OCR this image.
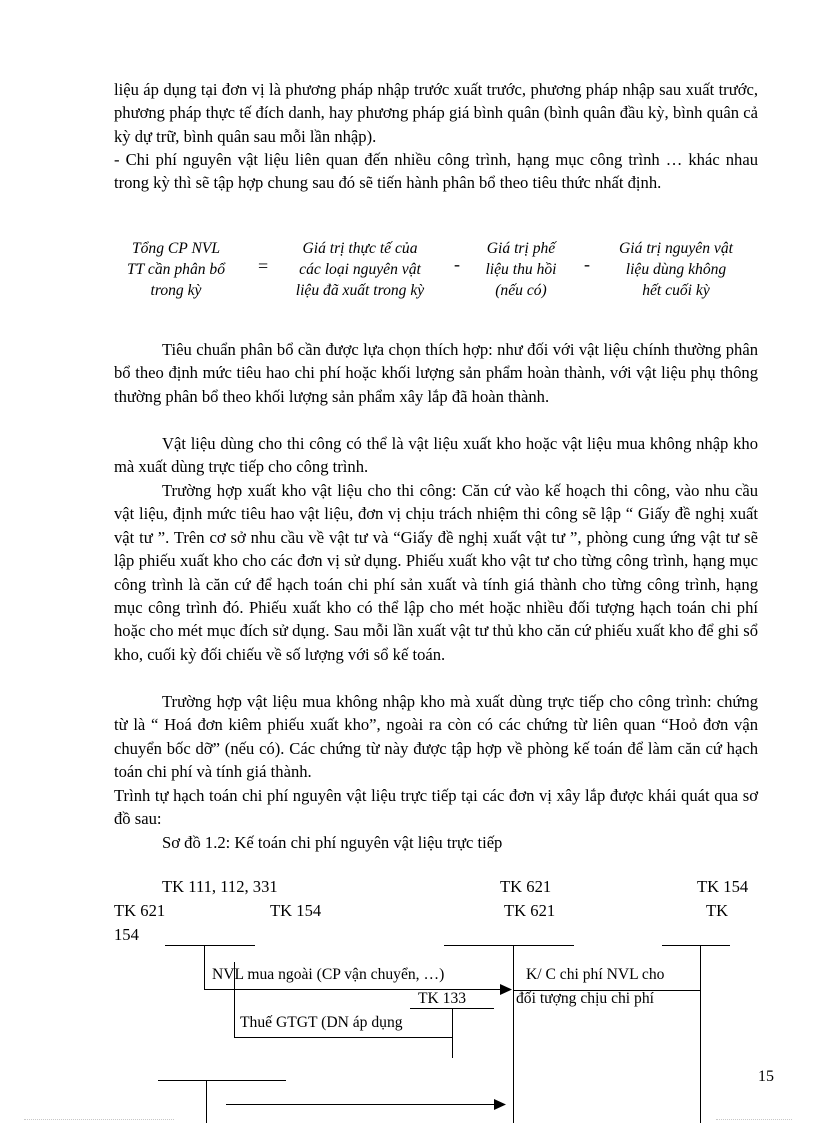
liệu áp dụng tại đơn vị là phương pháp nhập trước xuất trước, phương pháp nhập sau xuất trước, phương pháp thực tế đích danh, hay phương pháp giá bình quân (bình quân đầu kỳ, bình quân cả kỳ dự trữ, bình quân sau mỗi lần nhập).

- Chi phí nguyên vật liệu liên quan đến nhiều công trình, hạng mục công trình … khác nhau trong kỳ thì sẽ tập hợp chung sau đó sẽ tiến hành phân bổ theo tiêu thức nhất định.

Tổng CP NVL
TT cần phân bổ
trong kỳ
=
Giá trị thực tế của
các loại nguyên vật
liệu đã xuất trong kỳ
-
Giá trị phế
liệu thu hồi
(nếu có)
-
Giá trị nguyên vật
liệu dùng không
hết cuối kỳ

Tiêu chuẩn phân bổ cần được lựa chọn thích hợp: như đối với vật liệu chính thường phân bổ theo định mức tiêu hao chi phí hoặc khối lượng sản phẩm hoàn thành, với vật liệu phụ thông thường phân bổ theo khối lượng sản phẩm xây lắp đã hoàn thành.

Vật liệu dùng cho thi công có thể là vật liệu xuất kho hoặc vật liệu mua không nhập kho mà xuất dùng trực tiếp cho công trình.

Trường hợp xuất kho vật liệu cho thi công: Căn cứ vào kế hoạch thi công, vào nhu cầu vật liệu, định mức tiêu hao vật liệu, đơn vị chịu trách nhiệm thi công sẽ lập “ Giấy đề nghị xuất vật tư ”. Trên cơ sở nhu cầu về vật tư và “Giấy đề nghị xuất vật tư ”, phòng cung ứng vật tư sẽ lập phiếu xuất kho cho các đơn vị sử dụng. Phiếu xuất kho vật tư cho từng công trình, hạng mục công trình là căn cứ để hạch toán chi phí sản xuất và tính giá thành cho từng công trình, hạng mục công trình đó. Phiếu xuất kho có thể lập cho mét hoặc nhiều đối tượng hạch toán chi phí hoặc cho mét mục đích sử dụng. Sau mỗi lần xuất vật tư thủ kho căn cứ phiếu xuất kho để ghi sổ kho, cuối kỳ đối chiếu về số lượng với sổ kế toán.

Trường hợp vật liệu mua không nhập kho mà xuất dùng trực tiếp cho công trình: chứng từ là “ Hoá đơn kiêm phiếu xuất kho”, ngoài ra còn có các chứng từ liên quan “Hoỏ đơn vận chuyển bốc dỡ” (nếu có). Các chứng từ này được tập hợp về phòng kế toán để làm căn cứ hạch toán chi phí và tính giá thành.

Trình tự hạch toán chi phí nguyên vật liệu trực tiếp tại các đơn vị xây lắp được khái quát qua sơ đồ sau:

Sơ đồ 1.2: Kế toán chi phí nguyên vật liệu trực tiếp

TK 111, 112, 331	TK 621	TK 154
TK 621	TK 154	TK 621	TK
154
NVL mua ngoài (CP vận chuyển, …)
TK 133
Thuế GTGT (DN áp dụng
K/ C chi phí NVL cho
đối tượng chịu chi phí
15
